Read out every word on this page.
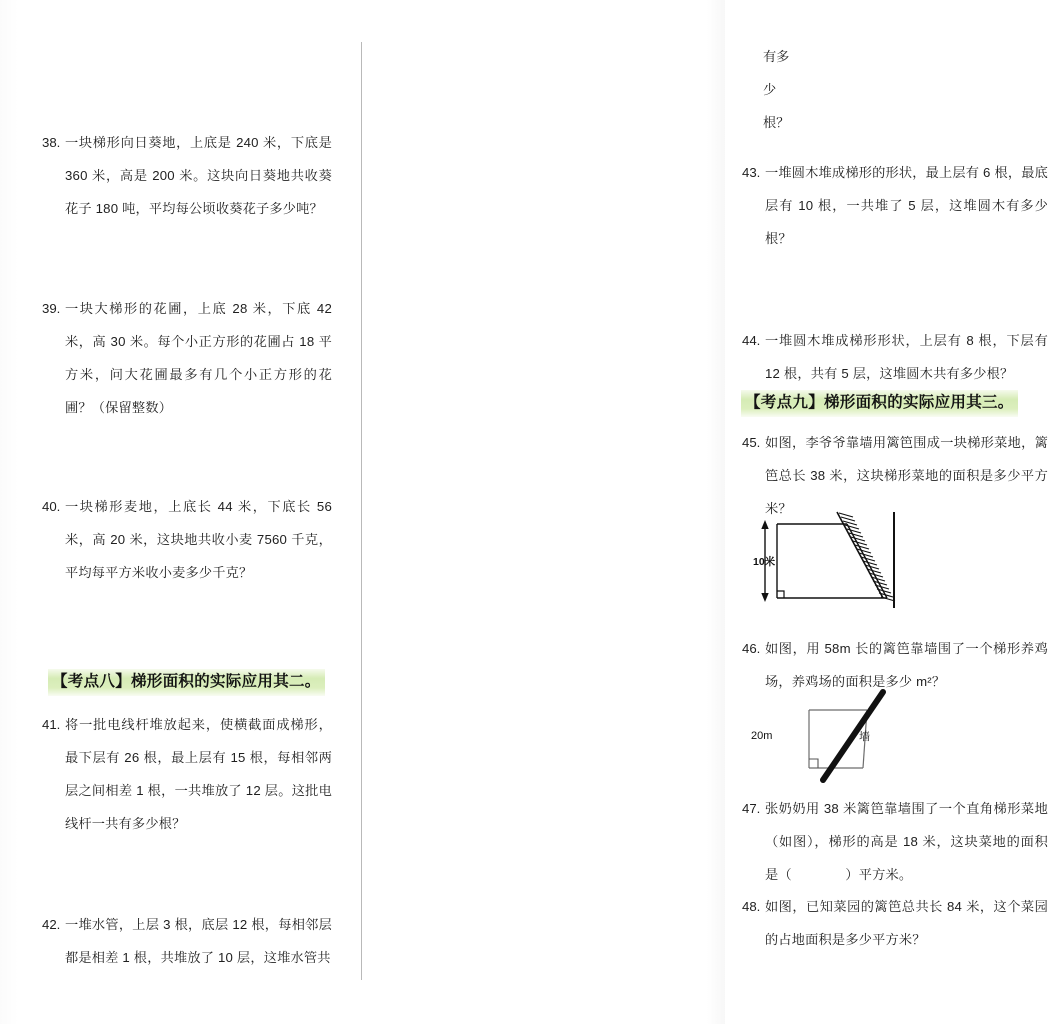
38. 一块梯形向日葵地，上底是 240 米，下底是 360 米，高是 200 米。这块向日葵地共收葵花子 180 吨，平均每公顷收葵花子多少吨？
39. 一块大梯形的花圃，上底 28 米，下底 42 米，高 30 米。每个小正方形的花圃占 18 平方米，问大花圃最多有几个小正方形的花圃？（保留整数）
40. 一块梯形麦地，上底长 44 米，下底长 56 米，高 20 米，这块地共收小麦 7560 千克，平均每平方米收小麦多少千克？
【考点八】梯形面积的实际应用其二。
41. 将一批电线杆堆放起来，使横截面成梯形，最下层有 26 根，最上层有 15 根，每相邻两层之间相差 1 根，一共堆放了 12 层。这批电线杆一共有多少根？
42. 一堆水管，上层 3 根，底层 12 根，每相邻层都是相差 1 根，共堆放了 10 层，这堆水管共
有多少根？
43. 一堆圆木堆成梯形的形状，最上层有 6 根，最底层有 10 根，一共堆了 5 层，这堆圆木有多少根？
44. 一堆圆木堆成梯形形状，上层有 8 根，下层有 12 根，共有 5 层，这堆圆木共有多少根？
【考点九】梯形面积的实际应用其三。
45. 如图，李爷爷靠墙用篱笆围成一块梯形菜地，篱笆总长 38 米，这块梯形菜地的面积是多少平方米？
10米
46. 如图，用 58m 长的篱笆靠墙围了一个梯形养鸡场，养鸡场的面积是多少 m²？
20m	墙
47. 张奶奶用 38 米篱笆靠墙围了一个直角梯形菜地（如图），梯形的高是 18 米，这块菜地的面积是（　　　　）平方米。
48. 如图，已知菜园的篱笆总共长 84 米，这个菜园的占地面积是多少平方米？
